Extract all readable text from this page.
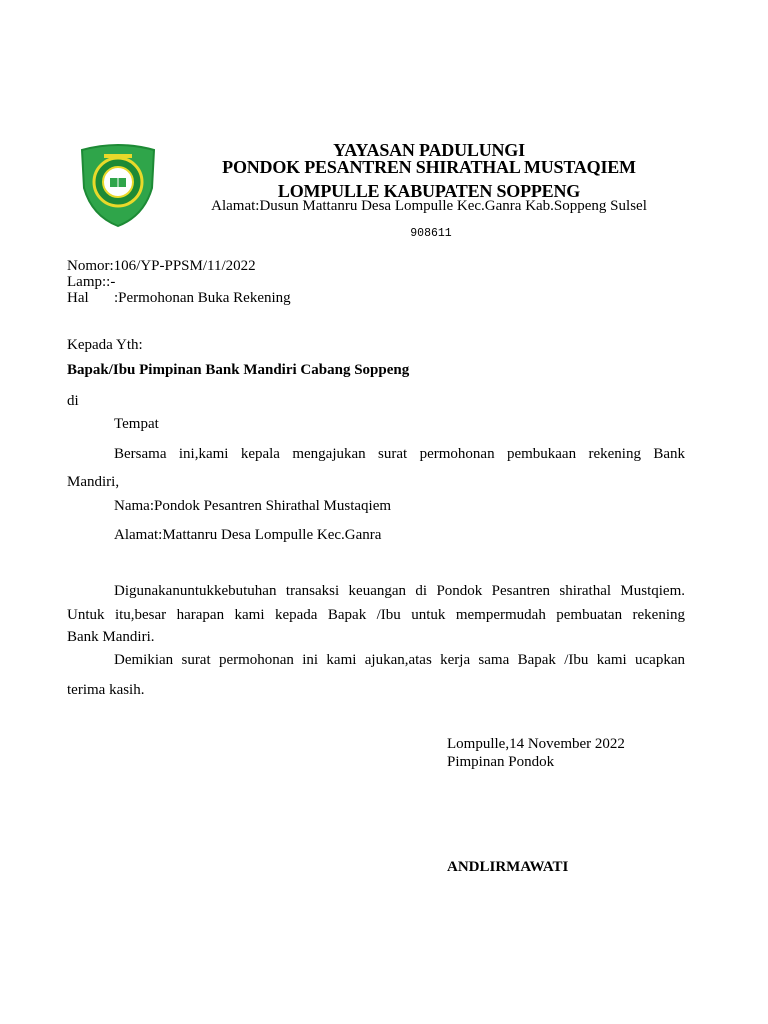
YAYASAN PADULUNGI
PONDOK PESANTREN SHIRATHAL MUSTAQIEM
LOMPULLE KABUPATEN SOPPENG
Alamat:Dusun Mattanru Desa Lompulle Kec.Ganra Kab.Soppeng Sulsel
908611
Nomor:106/YP-PPSM/11/2022
Lamp::-
Hal :Permohonan Buka Rekening
Kepada Yth:
Bapak/Ibu Pimpinan Bank Mandiri Cabang Soppeng
di
Tempat
Bersama ini,kami kepala mengajukan surat permohonan pembukaan rekening Bank
Mandiri,
Nama:Pondok Pesantren Shirathal Mustaqiem
Alamat:Mattanru Desa Lompulle Kec.Ganra
Digunakanuntukkebutuhan transaksi keuangan di Pondok Pesantren shirathal Mustqiem.
Untuk itu,besar harapan kami kepada Bapak /Ibu untuk mempermudah pembuatan rekening
Bank Mandiri.
Demikian surat permohonan ini kami ajukan,atas kerja sama Bapak /Ibu kami ucapkan
terima kasih.
Lompulle,14 November 2022
Pimpinan Pondok
ANDLIRMAWATI
